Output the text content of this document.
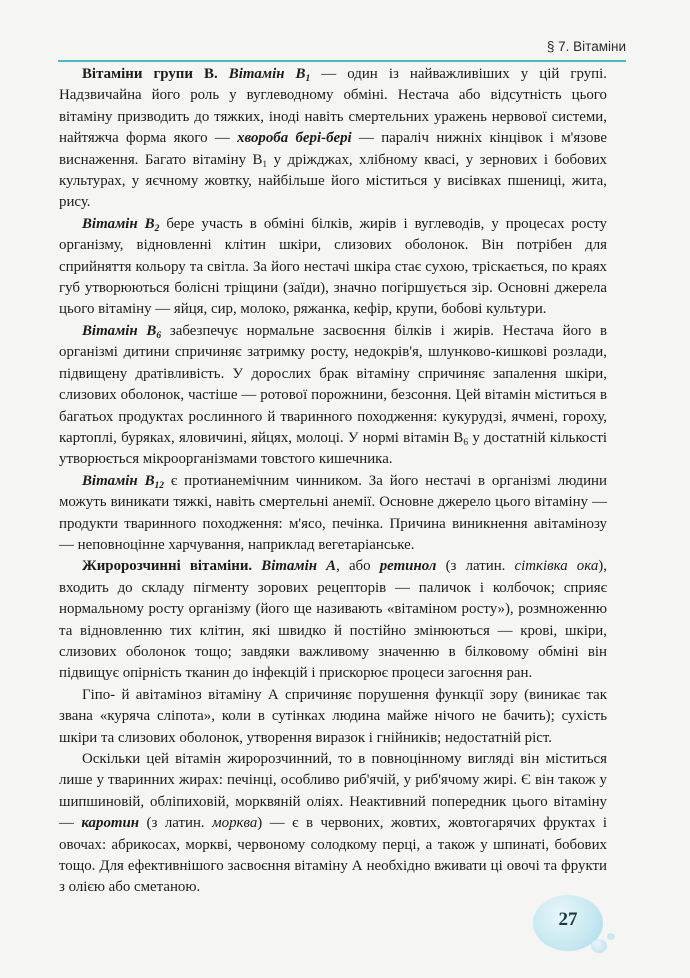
§ 7. Вітаміни

Вітаміни групи В. Вітамін $В_1$ — один із найважливіших у цій групі. Надзвичайна його роль у вуглеводному обміні. Нестача або відсутність цього вітаміну призводить до тяжких, іноді навіть смертельних уражень нервової системи, найтяжча форма якого — хвороба бері-бері — параліч нижніх кінцівок і м'язове виснаження. Багато вітаміну $В_1$ у дріжджах, хлібному квасі, у зернових і бобових культурах, у яєчному жовтку, найбільше його міститься у висівках пшениці, жита, рису.

Вітамін $В_2$ бере участь в обміні білків, жирів і вуглеводів, у процесах росту організму, відновленні клітин шкіри, слизових оболонок. Він потрібен для сприйняття кольору та світла. За його нестачі шкіра стає сухою, тріскається, по краях губ утворюються болісні тріщини (заїди), значно погіршується зір. Основні джерела цього вітаміну — яйця, сир, молоко, ряжанка, кефір, крупи, бобові культури.

Вітамін $В_6$ забезпечує нормальне засвоєння білків і жирів. Нестача його в організмі дитини спричиняє затримку росту, недокрів'я, шлунково-кишкові розлади, підвищену дратівливість. У дорослих брак вітаміну спричиняє запалення шкіри, слизових оболонок, частіше — ротової порожнини, безсоння. Цей вітамін міститься в багатьох продуктах рослинного й тваринного походження: кукурудзі, ячмені, гороху, картоплі, буряках, яловичині, яйцях, молоці. У нормі вітамін $В_6$ у достатній кількості утворюється мікроорганізмами товстого кишечника.

Вітамін $В_{12}$ є протианемічним чинником. За його нестачі в організмі людини можуть виникати тяжкі, навіть смертельні анемії. Основне джерело цього вітаміну — продукти тваринного походження: м'ясо, печінка. Причина виникнення авітамінозу — неповноцінне харчування, наприклад вегетаріанське.

Жиророзчинні вітаміни. Вітамін А, або ретинол (з латин. сітківка ока), входить до складу пігменту зорових рецепторів — паличок і колбочок; сприяє нормальному росту організму (його ще називають «вітаміном росту»), розмноженню та відновленню тих клітин, які швидко й постійно змінюються — крові, шкіри, слизових оболонок тощо; завдяки важливому значенню в білковому обміні він підвищує опірність тканин до інфекцій і прискорює процеси загоєння ран.

Гіпо- й авітаміноз вітаміну А спричиняє порушення функції зору (виникає так звана «куряча сліпота», коли в сутінках людина майже нічого не бачить); сухість шкіри та слизових оболонок, утворення виразок і гнійників; недостатній ріст.

Оскільки цей вітамін жиророзчинний, то в повноцінному вигляді він міститься лише у тваринних жирах: печінці, особливо риб'ячій, у риб'ячому жирі. Є він також у шипшиновій, обліпиховій, морквяній оліях. Неактивний попередник цього вітаміну — каротин (з латин. морква) — є в червоних, жовтих, жовтогарячих фруктах і овочах: абрикосах, моркві, червоному солодкому перці, а також у шпинаті, бобових тощо. Для ефективнішого засвоєння вітаміну А необхідно вживати ці овочі та фрукти з олією або сметаною.

27
